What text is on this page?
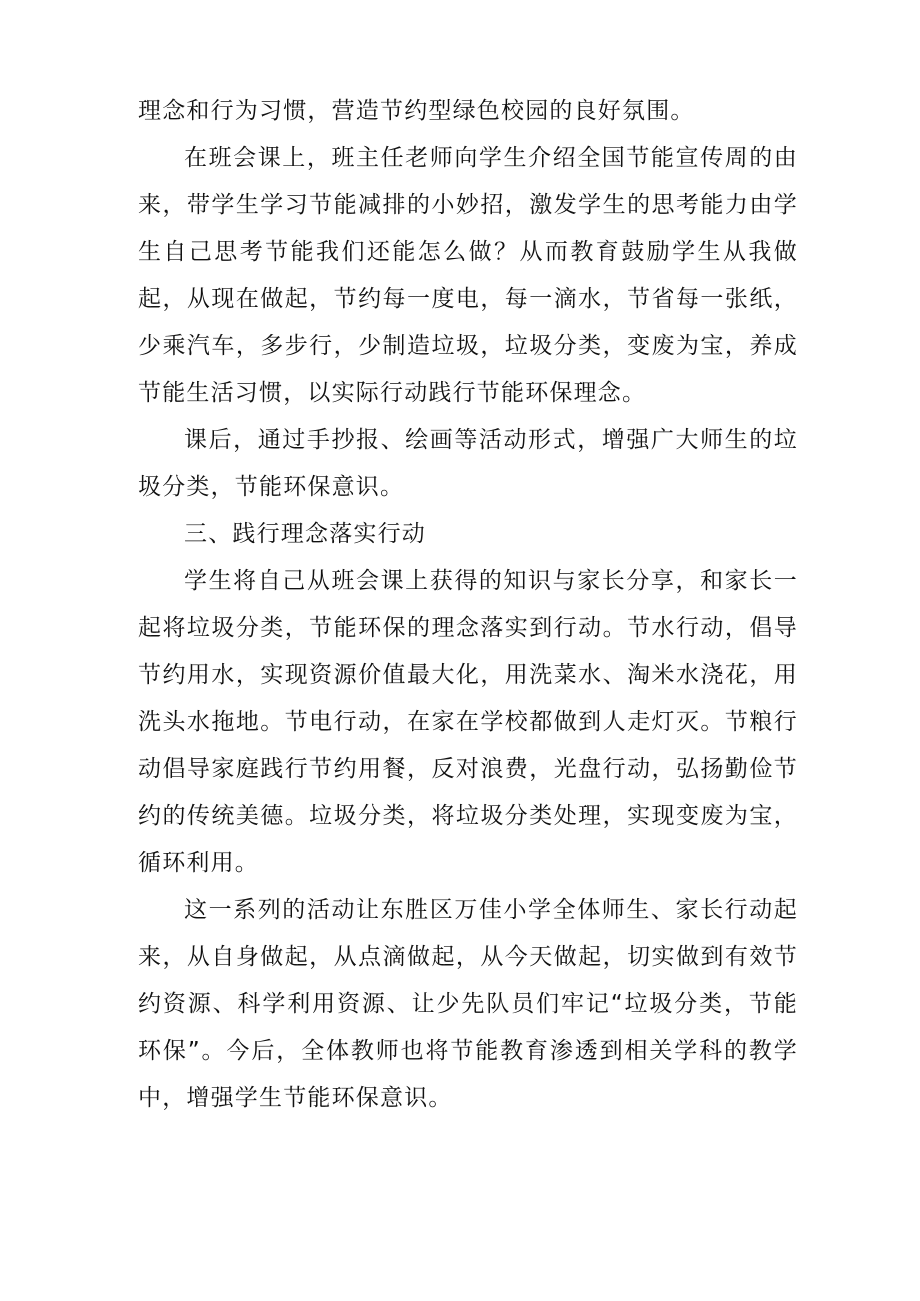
理念和行为习惯，营造节约型绿色校园的良好氛围。

在班会课上，班主任老师向学生介绍全国节能宣传周的由来，带学生学习节能减排的小妙招，激发学生的思考能力由学生自己思考节能我们还能怎么做？从而教育鼓励学生从我做起，从现在做起，节约每一度电，每一滴水，节省每一张纸，少乘汽车，多步行，少制造垃圾，垃圾分类，变废为宝，养成节能生活习惯，以实际行动践行节能环保理念。

课后，通过手抄报、绘画等活动形式，增强广大师生的垃圾分类，节能环保意识。

三、践行理念落实行动

学生将自己从班会课上获得的知识与家长分享，和家长一起将垃圾分类，节能环保的理念落实到行动。节水行动，倡导节约用水，实现资源价值最大化，用洗菜水、淘米水浇花，用洗头水拖地。节电行动，在家在学校都做到人走灯灭。节粮行动倡导家庭践行节约用餐，反对浪费，光盘行动，弘扬勤俭节约的传统美德。垃圾分类，将垃圾分类处理，实现变废为宝，循环利用。

这一系列的活动让东胜区万佳小学全体师生、家长行动起来，从自身做起，从点滴做起，从今天做起，切实做到有效节约资源、科学利用资源、让少先队员们牢记“垃圾分类，节能环保”。今后，全体教师也将节能教育渗透到相关学科的教学中，增强学生节能环保意识。
